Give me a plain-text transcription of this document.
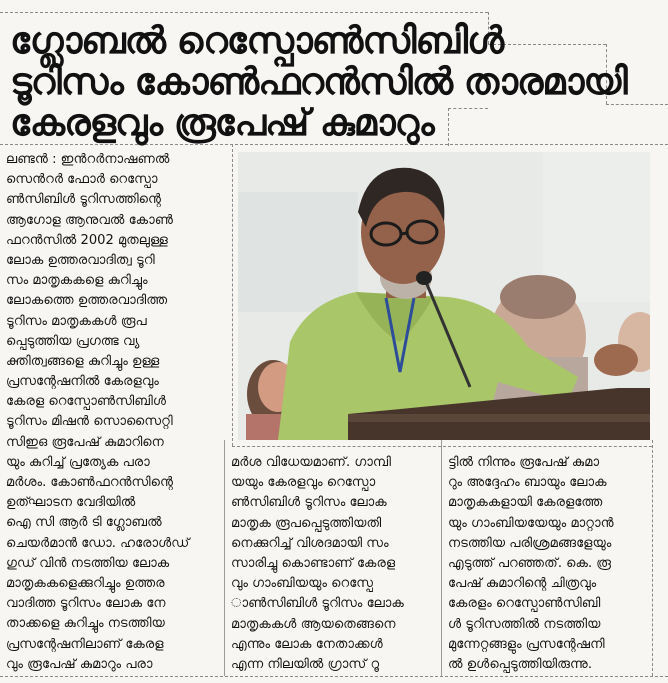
ഗ്ലോബൽ റെസ്പോൺസിബിൾ
ടൂറിസം കോൺഫറൻസിൽ താരമായി
കേരളവും രൂപേഷ് കുമാറും
ലണ്ടൻ : ഇൻറർനാഷണൽ
സെൻറർ ഫോർ റെസ്പോ
ൺസിബിൾ ടൂറിസത്തിന്റെ
ആഗോള ആനുവൽ കോൺ
ഫറൻസിൽ 2002 മുതലുള്ള
ലോക ഉത്തരവാദിത്വ ടൂറി
സം മാതൃകകളെ കുറിച്ചും
ലോകത്തെ ഉത്തരവാദിത്ത
ടൂറിസം മാതൃകകൾ രൂപ
പ്പെടുത്തിയ പ്രഗത്ഭ വ്യ
ക്തിത്വങ്ങളെ കുറിച്ചും ഉള്ള
പ്രസന്റേഷനിൽ കേരളവും
കേരള റെസ്പോൺസിബിൾ
ടൂറിസം മിഷൻ സൊസൈറ്റി
സിഇഒ രൂപേഷ് കുമാറിനെ
യും കുറിച്ച് പ്രത്യേക പരാ
മർശം. കോൺഫറൻസിന്റെ
ഉത്ഘാടന വേദിയിൽ
ഐ സി ആർ ടി ഗ്ലോബൽ
ചെയർമാൻ ഡോ. ഹരോൾഡ്
ഗുഡ് വിൻ നടത്തിയ ലോക
മാതൃകകളെക്കുറിച്ചും ഉത്തര
വാദിത്ത ടൂറിസം ലോക നേ
താക്കളെ കുറിച്ചും നടത്തിയ
പ്രസന്റേഷനിലാണ് കേരള
വും രൂപേഷ് കുമാറും പരാ
മർശ വിധേയമാണ്. ഗാമ്പി
യയും കേരളവും റെസ്പോ
ൺസിബിൾ ടൂറിസം ലോക
മാതൃക രൂപപ്പെടുത്തിയതി
നെക്കുറിച്ച് വിശദമായി സം
സാരിച്ചു കൊണ്ടാണ് കേരള
വും ഗാംബിയയും റെസ്പേ
ാൺസിബിൾ ടൂറിസം ലോക
മാതൃകകൾ ആയതെങ്ങനെ
എന്നും ലോക നേതാക്കൾ
എന്ന നിലയിൽ ഗ്രാസ് റൂ
ട്ടിൽ നിന്നും രൂപേഷ് കുമാ
റും അദ്ദേഹം ബായും ലോക
മാതൃകകളായി കേരളത്തേ
യും ഗാംബിയയേയും മാറ്റാൻ
നടത്തിയ പരിശ്രമങ്ങളേയും
എടുത്ത് പറഞ്ഞത്. കെ. രൂ
പേഷ് കുമാറിന്റെ ചിത്രവും
കേരളം റെസ്പോൺസിബി
ൾ ടൂറിസത്തിൽ നടത്തിയ
മുന്നേറ്റങ്ങളും പ്രസന്റേഷനി
ൽ ഉൾപ്പെടുത്തിയിരുന്നു.
